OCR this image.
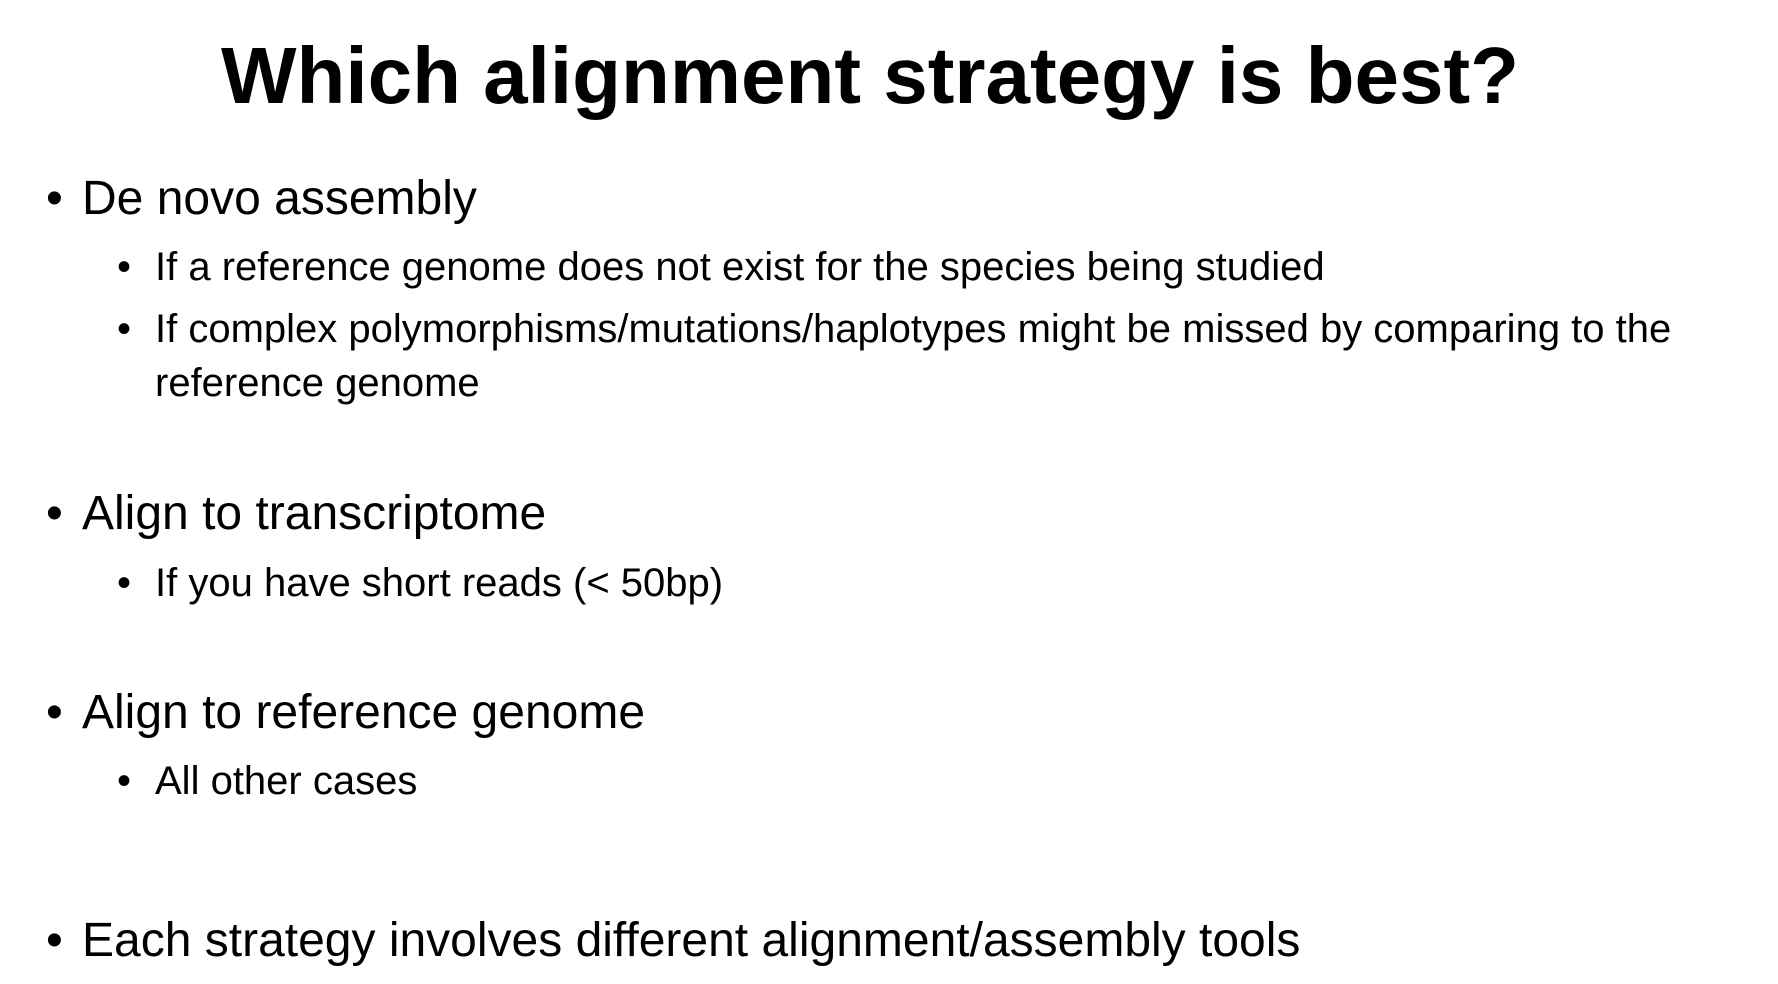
Which alignment strategy is best?
• De novo assembly
• If a reference genome does not exist for the species being studied
• If complex polymorphisms/mutations/haplotypes might be missed by comparing to the reference genome
• Align to transcriptome
• If you have short reads (< 50bp)
• Align to reference genome
• All other cases
• Each strategy involves different alignment/assembly tools
